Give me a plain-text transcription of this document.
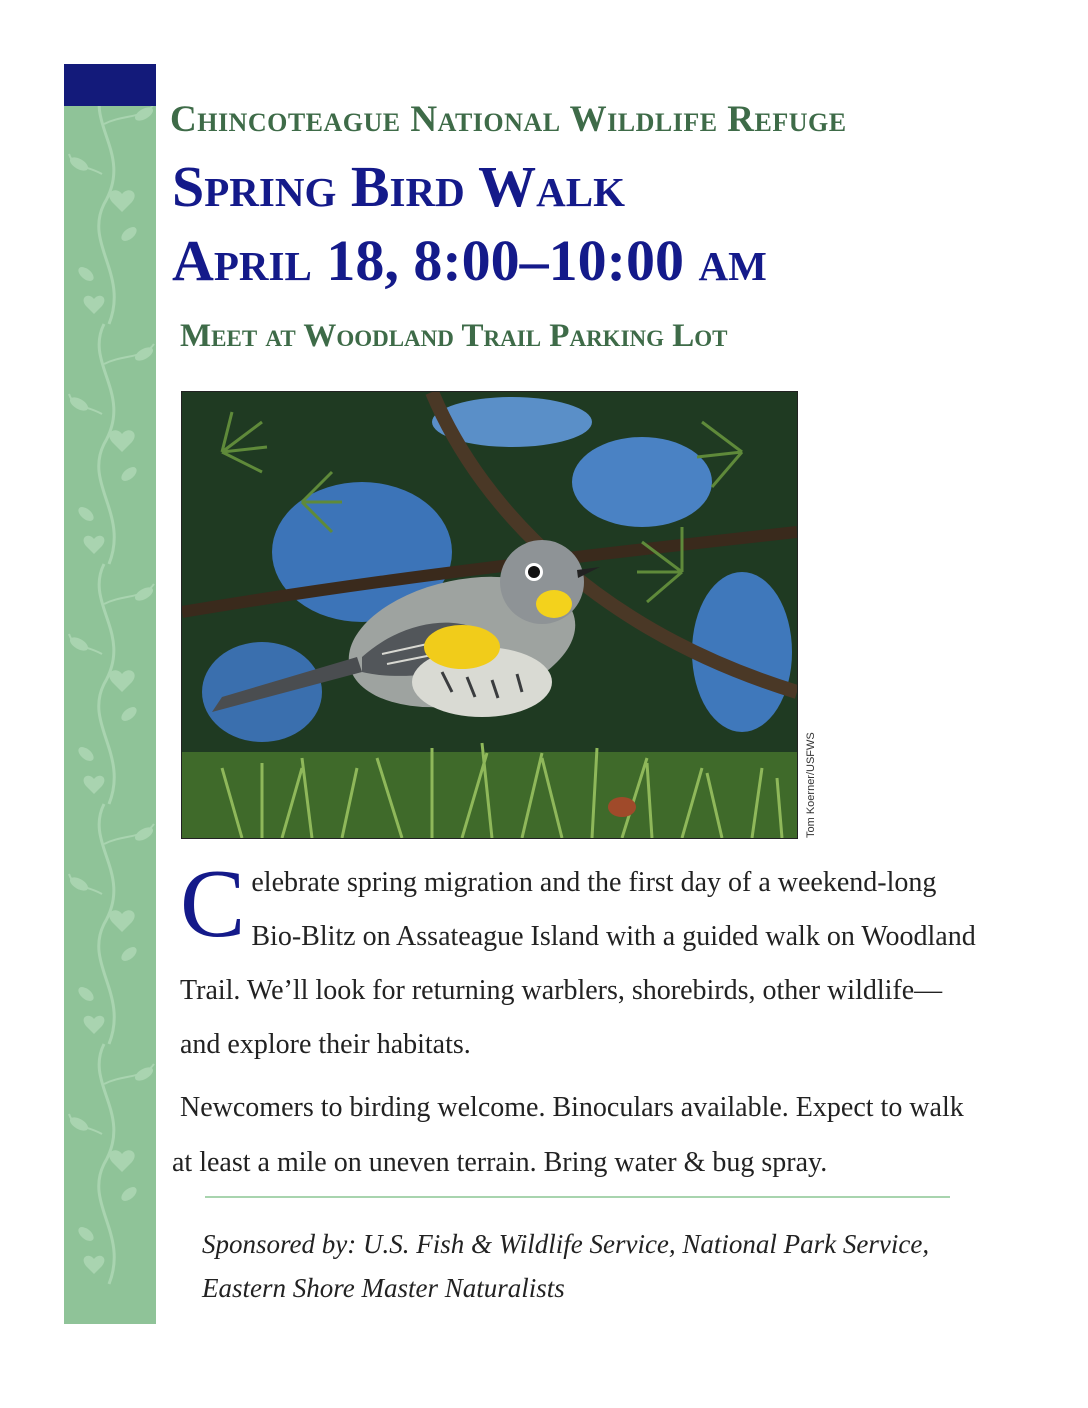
Chincoteague National Wildlife Refuge
Spring Bird Walk
April 18, 8:00–10:00 am
Meet at Woodland Trail Parking Lot
Tom Koerner/USFWS
C elebrate spring migration and the first day of a weekend-long Bio-Blitz on Assateague Island with a guided walk on Woodland Trail. We’ll look for returning warblers, shorebirds, other wildlife—and explore their habitats.

Newcomers to birding welcome. Binoculars available. Expect to walk at least a mile on uneven terrain. Bring water & bug spray.

Sponsored by: U.S. Fish & Wildlife Service, National Park Service, Eastern Shore Master Naturalists
